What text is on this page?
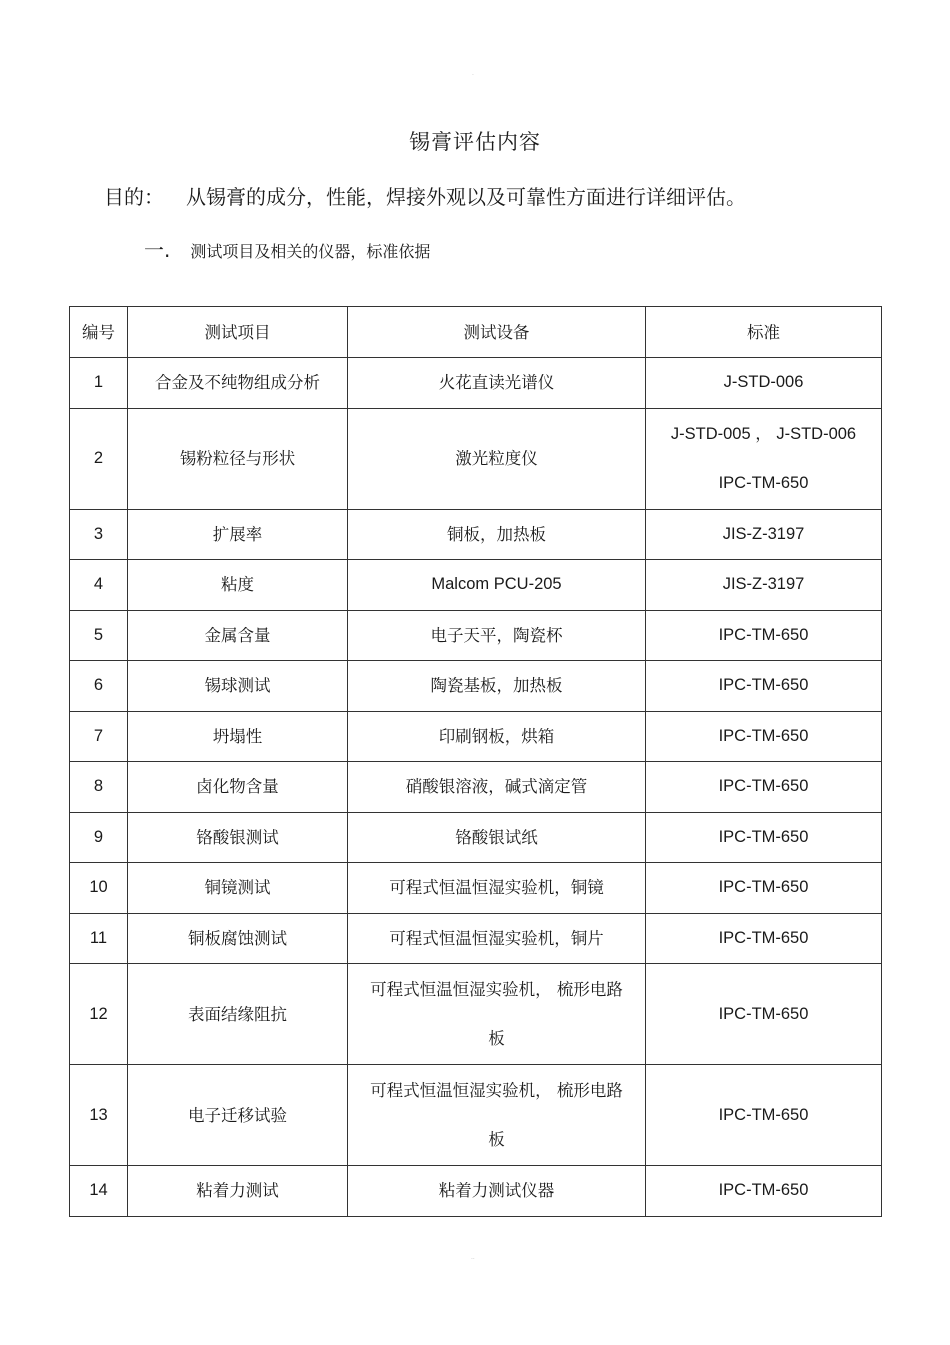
·
··
锡膏评估内容
目的： 从锡膏的成分，性能，焊接外观以及可靠性方面进行详细评估。
一. 测试项目及相关的仪器，标准依据
编号	测试项目	测试设备	标准
1	合金及不纯物组成分析	火花直读光谱仪	J-STD-006
2	锡粉粒径与形状	激光粒度仪	J-STD-005 ， J-STD-006
IPC-TM-650

3	扩展率	铜板，加热板	JIS-Z-3197
4	粘度	Malcom PCU-205	JIS-Z-3197
5	金属含量	电子天平，陶瓷杯	IPC-TM-650
6	锡球测试	陶瓷基板，加热板	IPC-TM-650
7	坍塌性	印刷钢板，烘箱	IPC-TM-650
8	卤化物含量	硝酸银溶液，碱式滴定管	IPC-TM-650
9	铬酸银测试	铬酸银试纸	IPC-TM-650
10	铜镜测试	可程式恒温恒湿实验机，铜镜	IPC-TM-650
11	铜板腐蚀测试	可程式恒温恒湿实验机，铜片	IPC-TM-650
12	表面结缘阻抗	可程式恒温恒湿实验机， 梳形电路
板	IPC-TM-650
13	电子迁移试验	可程式恒温恒湿实验机， 梳形电路
板	IPC-TM-650
14	粘着力测试	粘着力测试仪器	IPC-TM-650
